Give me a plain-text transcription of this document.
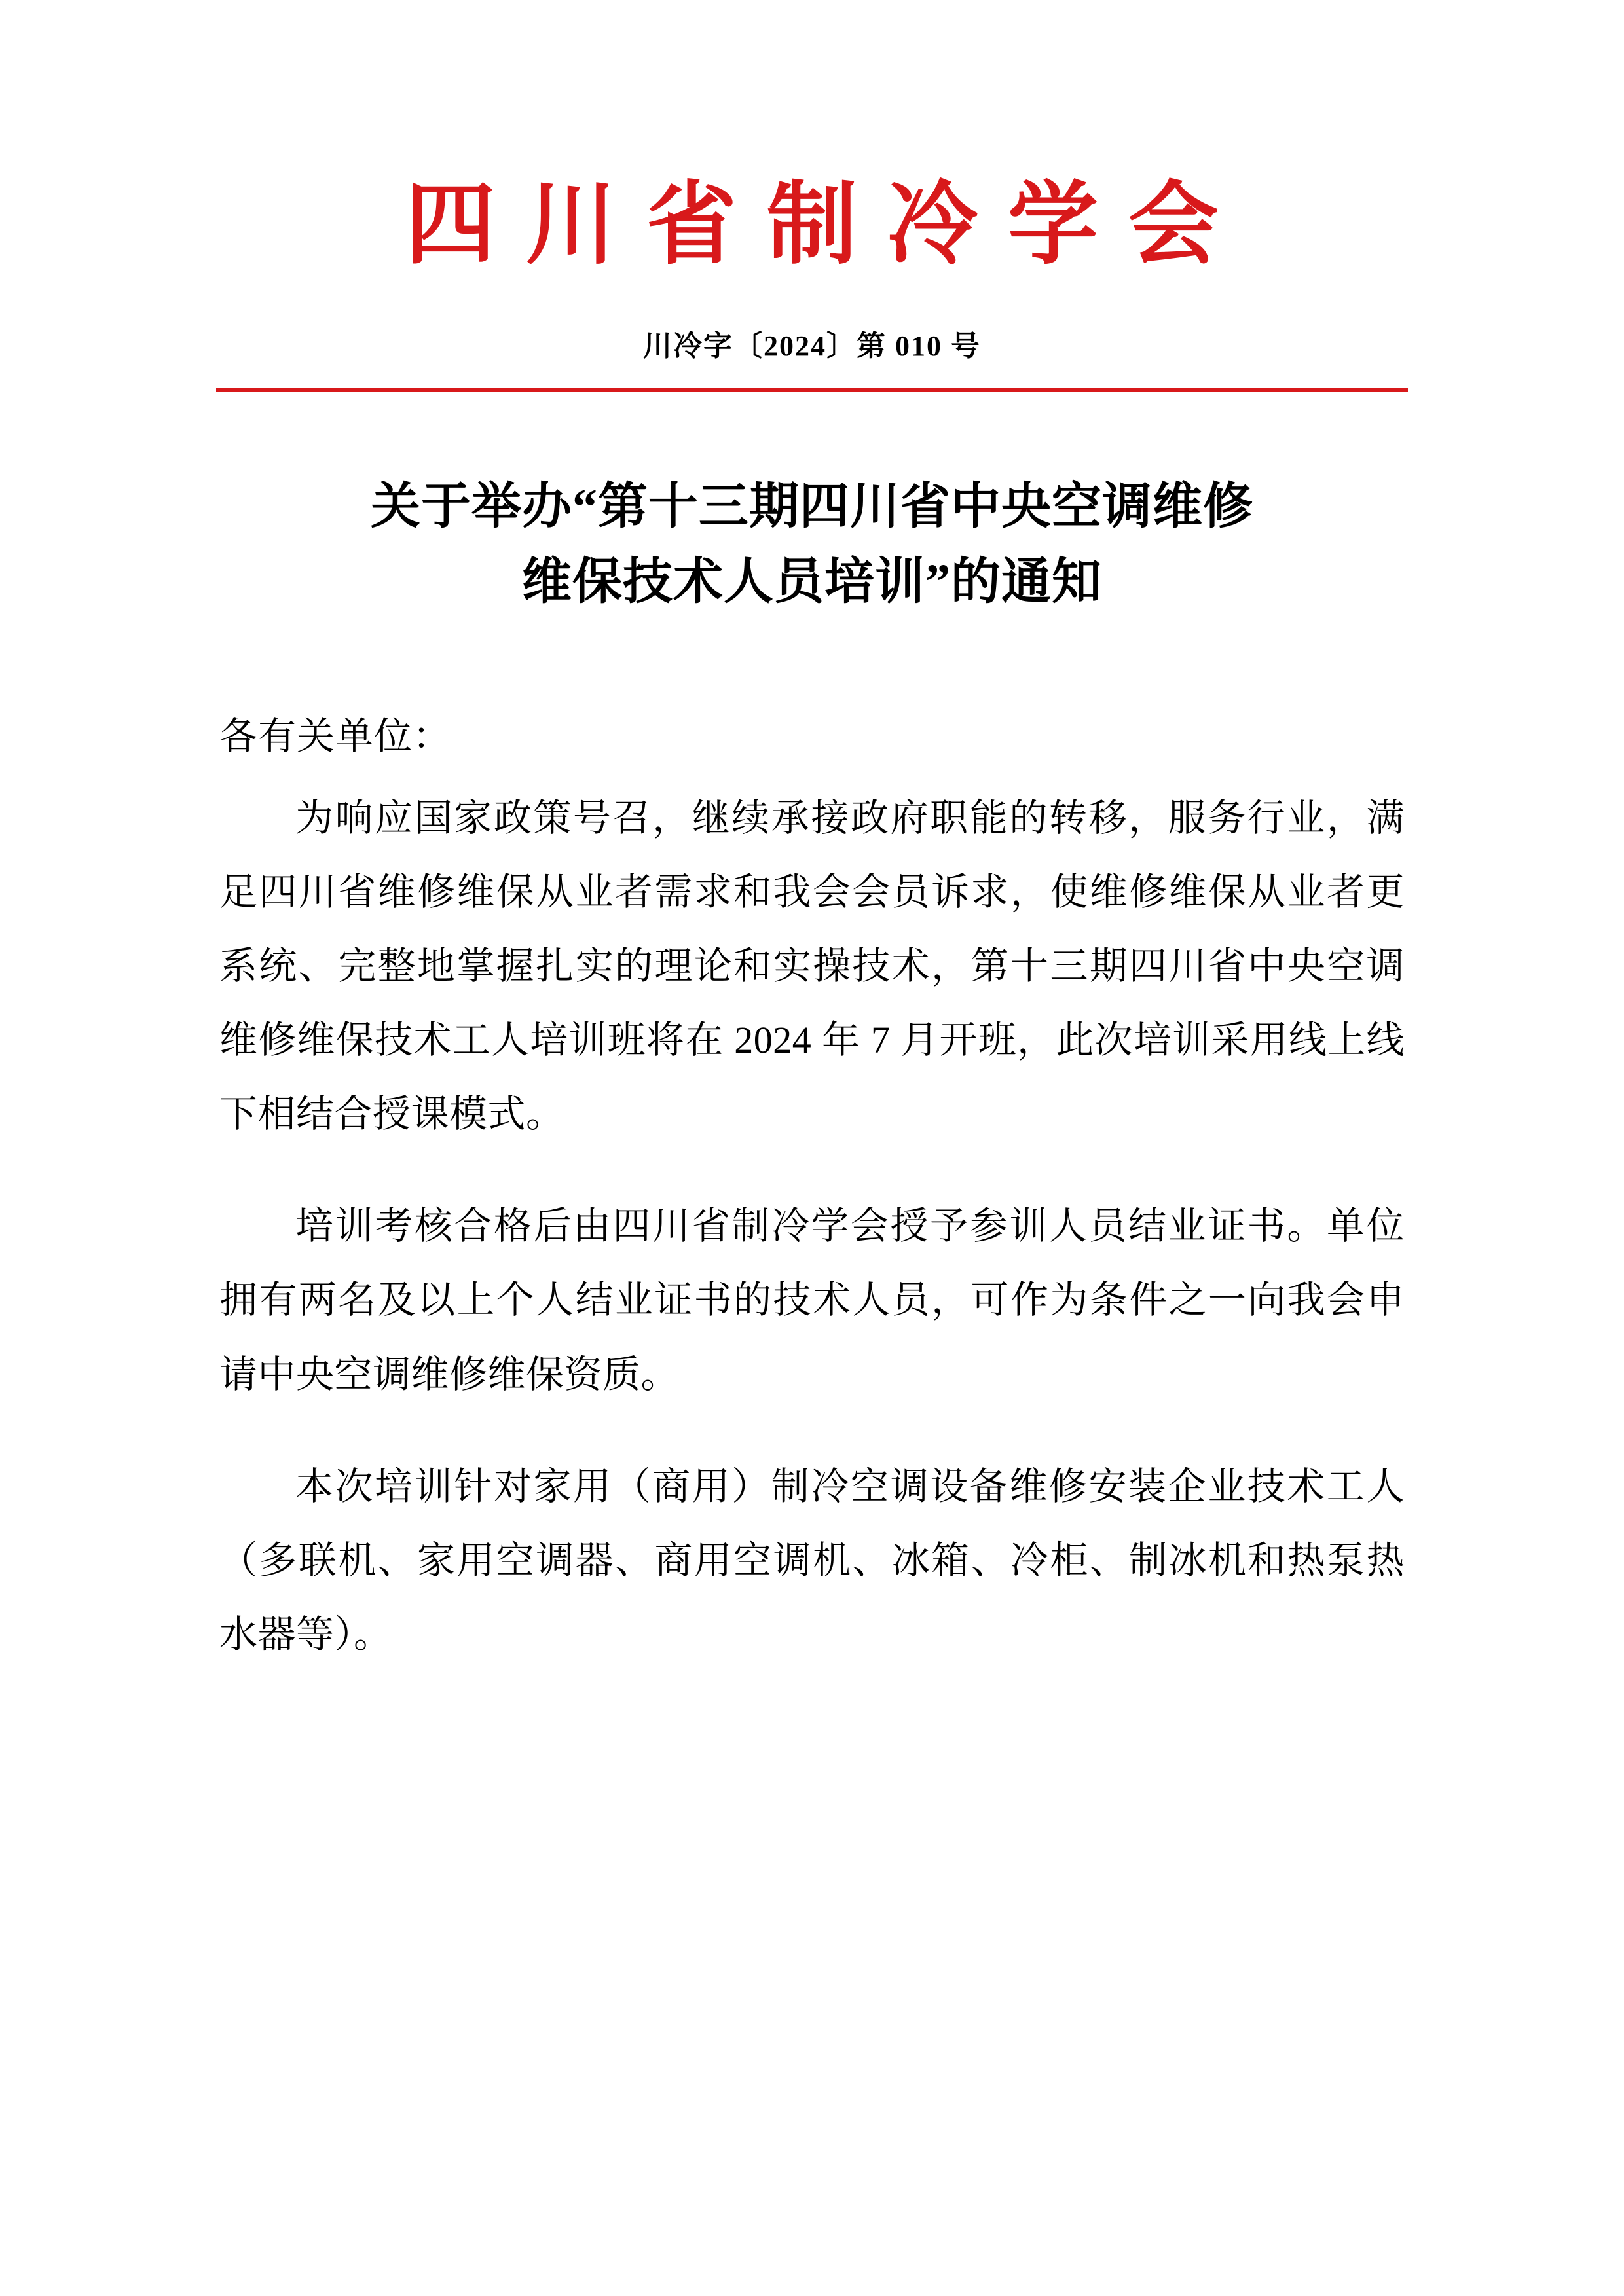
四川省制冷学会
川冷字〔2024〕第 010 号
关于举办“第十三期四川省中央空调维修
维保技术人员培训”的通知
各有关单位：

为响应国家政策号召，继续承接政府职能的转移，服务行业，满足四川省维修维保从业者需求和我会会员诉求，使维修维保从业者更系统、完整地掌握扎实的理论和实操技术，第十三期四川省中央空调维修维保技术工人培训班将在 2024 年 7 月开班，此次培训采用线上线下相结合授课模式。

培训考核合格后由四川省制冷学会授予参训人员结业证书。单位拥有两名及以上个人结业证书的技术人员，可作为条件之一向我会申请中央空调维修维保资质。

本次培训针对家用（商用）制冷空调设备维修安装企业技术工人（多联机、家用空调器、商用空调机、冰箱、冷柜、制冰机和热泵热水器等）。
